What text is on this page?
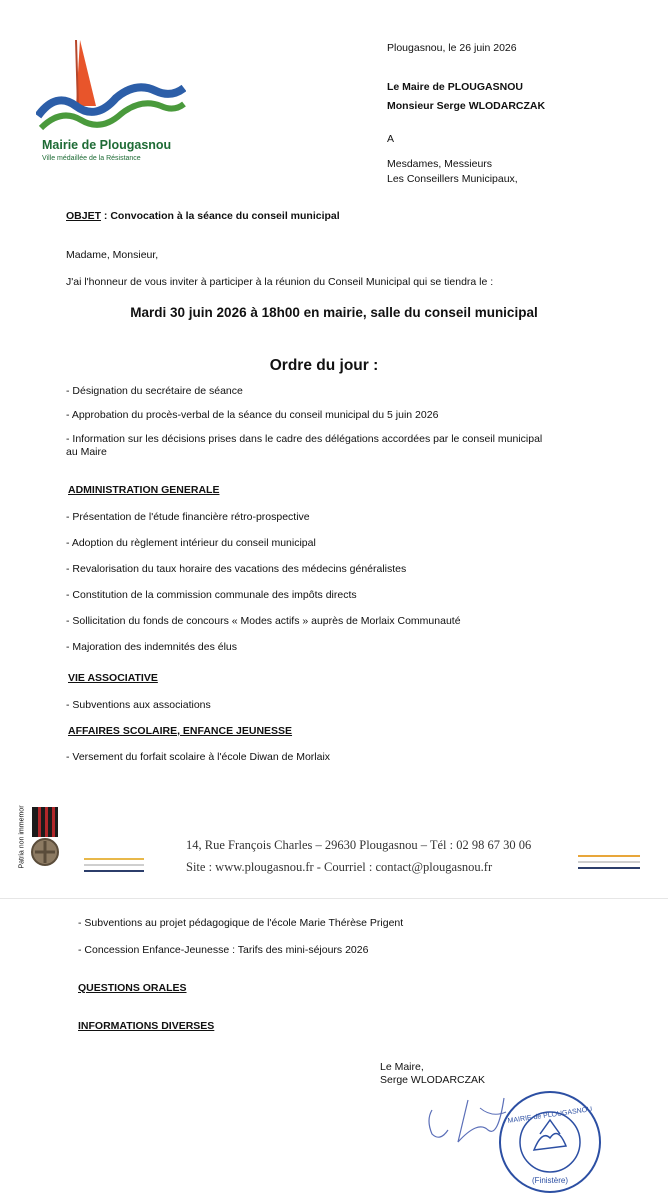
Mairie de Plougasnou
Ville médaillée de la Résistance
Plougasnou, le 26 juin 2026
Le Maire de PLOUGASNOU
Monsieur Serge WLODARCZAK
A
Mesdames, Messieurs
Les Conseillers Municipaux,
OBJET : Convocation à la séance du conseil municipal
Madame, Monsieur,
J'ai l'honneur de vous inviter à participer à la réunion du Conseil Municipal qui se tiendra le :
Mardi 30 juin 2026 à 18h00 en mairie, salle du conseil municipal
Ordre du jour :
- Désignation du secrétaire de séance
- Approbation du procès-verbal de la séance du conseil municipal du 5 juin 2026
- Information sur les décisions prises dans le cadre des délégations accordées par le conseil municipal
au Maire
ADMINISTRATION GENERALE
- Présentation de l'étude financière rétro-prospective
- Adoption du règlement intérieur du conseil municipal
- Revalorisation du taux horaire des vacations des médecins généralistes
- Constitution de la commission communale des impôts directs
- Sollicitation du fonds de concours « Modes actifs » auprès de Morlaix Communauté
- Majoration des indemnités des élus
VIE ASSOCIATIVE
- Subventions aux associations
AFFAIRES SCOLAIRE, ENFANCE JEUNESSE
- Versement du forfait scolaire à l'école Diwan de Morlaix
Patria non immemor	14, Rue François Charles – 29630 Plougasnou – Tél : 02 98 67 30 06
Site : www.plougasnou.fr - Courriel : contact@plougasnou.fr
- Subventions au projet pédagogique de l'école Marie Thérèse Prigent
- Concession Enfance-Jeunesse : Tarifs des mini-séjours 2026
QUESTIONS ORALES
INFORMATIONS DIVERSES
Le Maire,
Serge WLODARCZAK
MAIRIE de PLOUGASNOU
(Finistère)
